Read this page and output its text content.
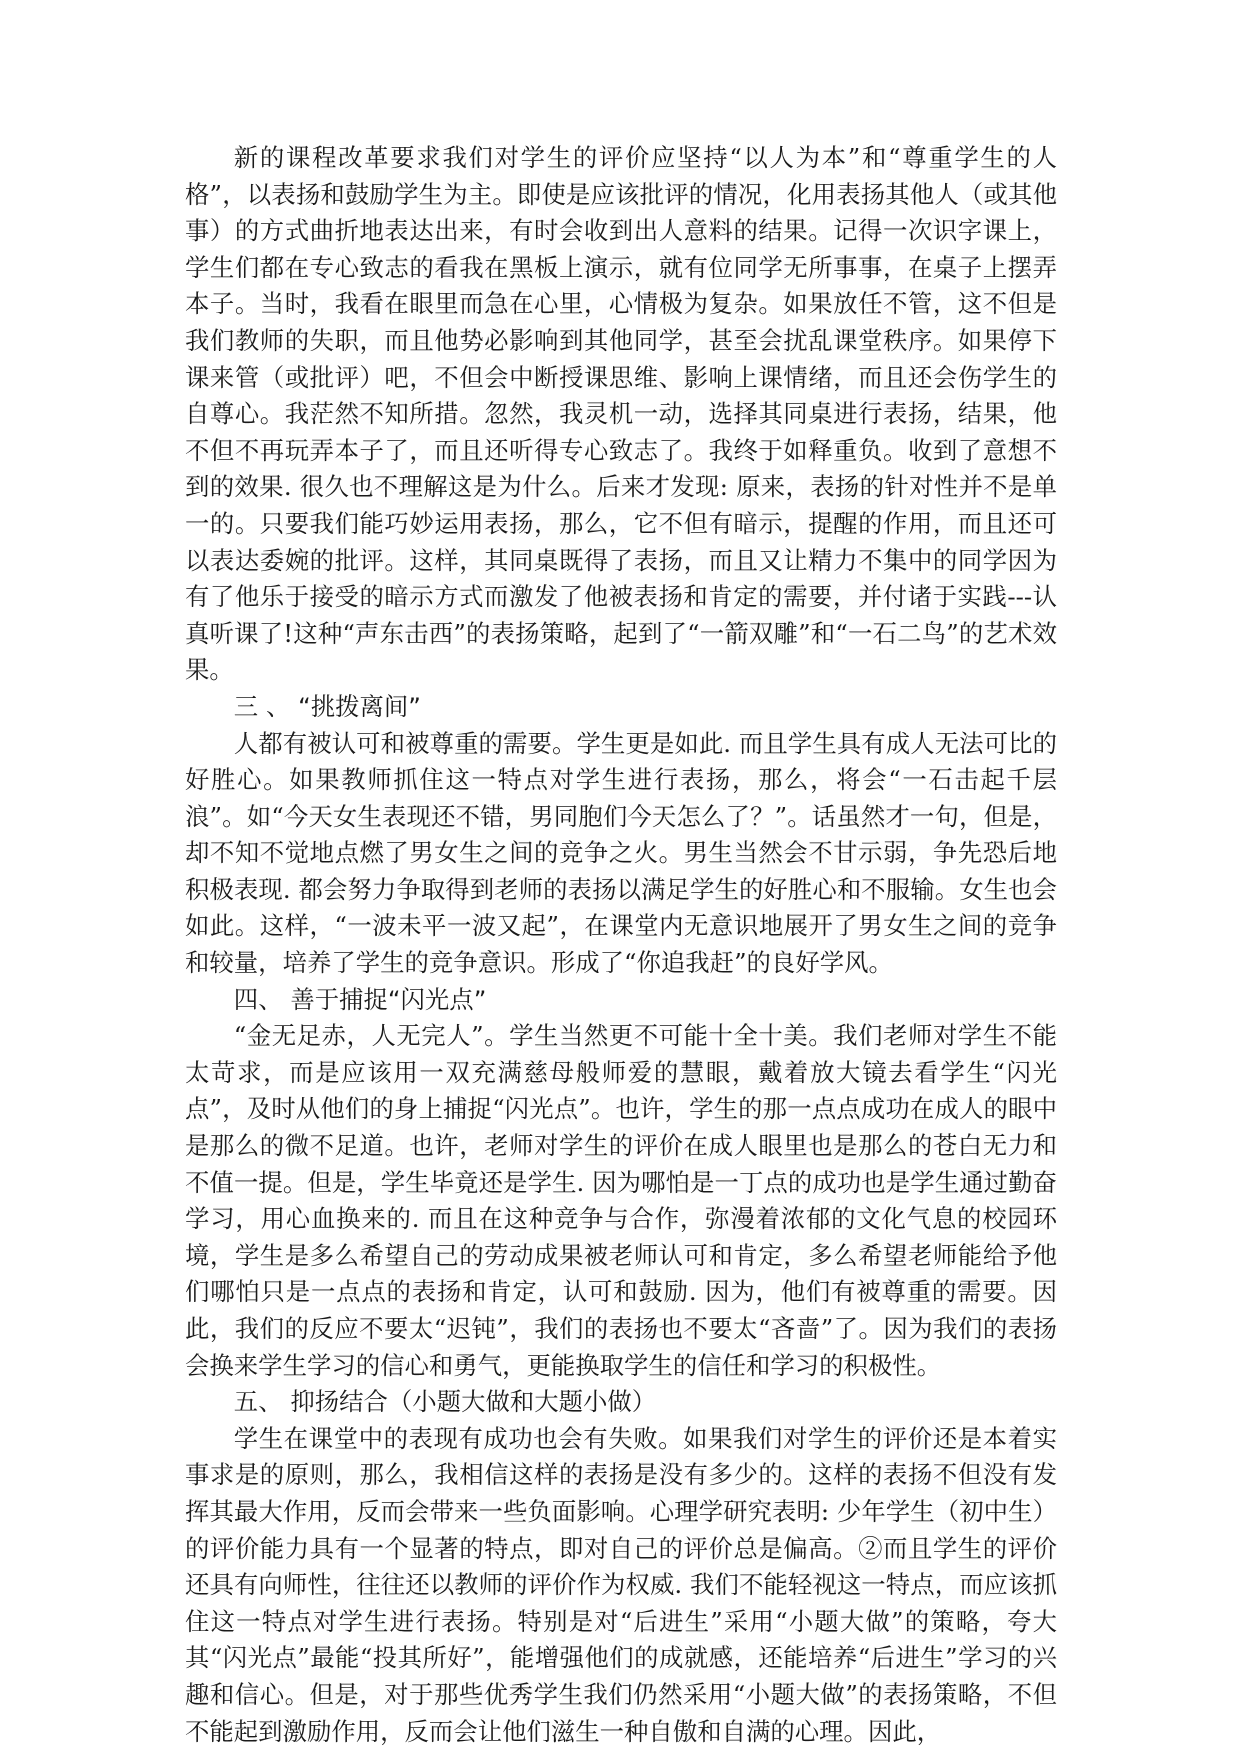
新的课程改革要求我们对学生的评价应坚持“以人为本”和“尊重学生的人格”，以表扬和鼓励学生为主。即使是应该批评的情况，化用表扬其他人（或其他事）的方式曲折地表达出来，有时会收到出人意料的结果。记得一次识字课上，学生们都在专心致志的看我在黑板上演示，就有位同学无所事事，在桌子上摆弄本子。当时，我看在眼里而急在心里，心情极为复杂。如果放任不管，这不但是我们教师的失职，而且他势必影响到其他同学，甚至会扰乱课堂秩序。如果停下课来管（或批评）吧，不但会中断授课思维、影响上课情绪，而且还会伤学生的自尊心。我茫然不知所措。忽然，我灵机一动，选择其同桌进行表扬，结果，他不但不再玩弄本子了，而且还听得专心致志了。我终于如释重负。收到了意想不到的效果. 很久也不理解这是为什么。后来才发现: 原来，表扬的针对性并不是单一的。只要我们能巧妙运用表扬，那么，它不但有暗示，提醒的作用，而且还可以表达委婉的批评。这样，其同桌既得了表扬，而且又让精力不集中的同学因为有了他乐于接受的暗示方式而激发了他被表扬和肯定的需要，并付诸于实践---认真听课了!这种“声东击西”的表扬策略，起到了“一箭双雕”和“一石二鸟”的艺术效果。

三 、 “挑拨离间”

人都有被认可和被尊重的需要。学生更是如此. 而且学生具有成人无法可比的好胜心。如果教师抓住这一特点对学生进行表扬，那么，将会“一石击起千层浪”。如“今天女生表现还不错，男同胞们今天怎么了？”。话虽然才一句，但是，却不知不觉地点燃了男女生之间的竞争之火。男生当然会不甘示弱，争先恐后地积极表现. 都会努力争取得到老师的表扬以满足学生的好胜心和不服输。女生也会如此。这样，“一波未平一波又起”，在课堂内无意识地展开了男女生之间的竞争和较量，培养了学生的竞争意识。形成了“你追我赶”的良好学风。

四、 善于捕捉“闪光点”

“金无足赤，人无完人”。学生当然更不可能十全十美。我们老师对学生不能太苛求，而是应该用一双充满慈母般师爱的慧眼，戴着放大镜去看学生“闪光点”，及时从他们的身上捕捉“闪光点”。也许，学生的那一点点成功在成人的眼中是那么的微不足道。也许，老师对学生的评价在成人眼里也是那么的苍白无力和不值一提。但是，学生毕竟还是学生. 因为哪怕是一丁点的成功也是学生通过勤奋学习，用心血换来的. 而且在这种竞争与合作，弥漫着浓郁的文化气息的校园环境，学生是多么希望自己的劳动成果被老师认可和肯定，多么希望老师能给予他们哪怕只是一点点的表扬和肯定，认可和鼓励. 因为，他们有被尊重的需要。因此，我们的反应不要太“迟钝”，我们的表扬也不要太“吝啬”了。因为我们的表扬会换来学生学习的信心和勇气，更能换取学生的信任和学习的积极性。

五、 抑扬结合（小题大做和大题小做）

学生在课堂中的表现有成功也会有失败。如果我们对学生的评价还是本着实事求是的原则，那么，我相信这样的表扬是没有多少的。这样的表扬不但没有发挥其最大作用，反而会带来一些负面影响。心理学研究表明: 少年学生（初中生）的评价能力具有一个显著的特点，即对自己的评价总是偏高。②而且学生的评价还具有向师性，往往还以教师的评价作为权威. 我们不能轻视这一特点，而应该抓住这一特点对学生进行表扬。特别是对“后进生”采用“小题大做”的策略，夸大其“闪光点”最能“投其所好”，能增强他们的成就感，还能培养“后进生”学习的兴趣和信心。但是，对于那些优秀学生我们仍然采用“小题大做”的表扬策略，不但不能起到激励作用，反而会让他们滋生一种自傲和自满的心理。因此，
